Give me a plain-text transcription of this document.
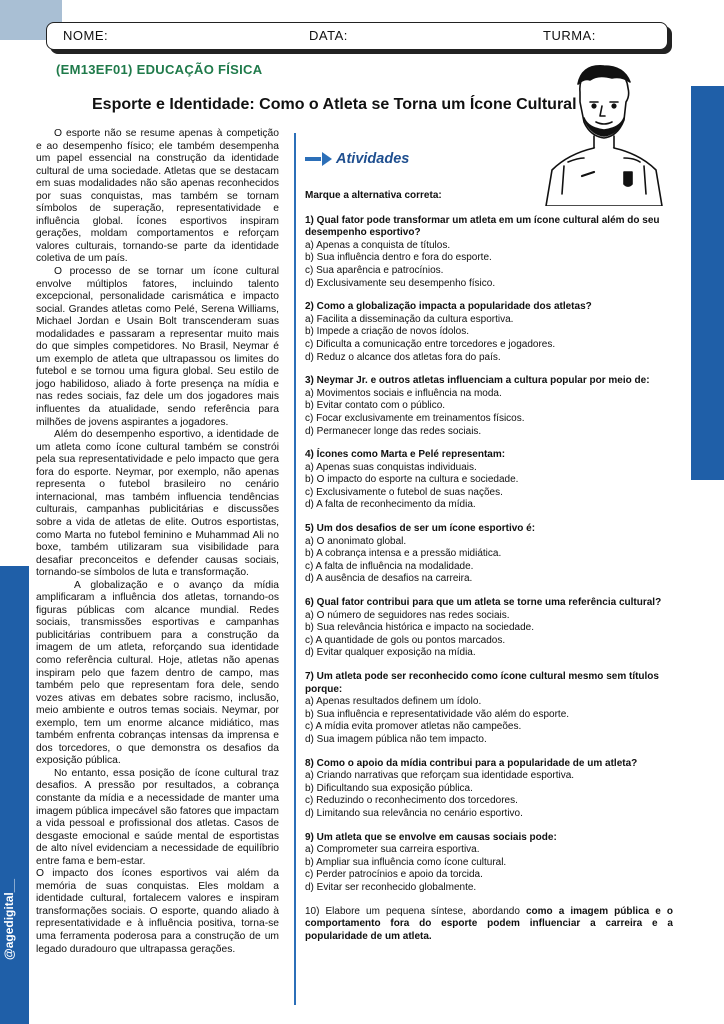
NOME:	DATA:	TURMA:
(EM13EF01) EDUCAÇÃO FÍSICA
Esporte e Identidade: Como o Atleta se Torna um Ícone Cultural

O esporte não se resume apenas à competição e ao desempenho físico; ele também desempenha um papel essencial na construção da identidade cultural de uma sociedade. Atletas que se destacam em suas modalidades não são apenas reconhecidos por suas conquistas, mas também se tornam símbolos de superação, representatividade e influência global. Ícones esportivos inspiram gerações, moldam comportamentos e reforçam valores culturais, tornando-se parte da identidade coletiva de um país.

O processo de se tornar um ícone cultural envolve múltiplos fatores, incluindo talento excepcional, personalidade carismática e impacto social. Grandes atletas como Pelé, Serena Williams, Michael Jordan e Usain Bolt transcenderam suas modalidades e passaram a representar muito mais do que simples competidores. No Brasil, Neymar é um exemplo de atleta que ultrapassou os limites do futebol e se tornou uma figura global. Seu estilo de jogo habilidoso, aliado à forte presença na mídia e nas redes sociais, faz dele um dos jogadores mais influentes da atualidade, sendo referência para milhões de jovens aspirantes a jogadores.

Além do desempenho esportivo, a identidade de um atleta como ícone cultural também se constrói pela sua representatividade e pelo impacto que gera fora do esporte. Neymar, por exemplo, não apenas representa o futebol brasileiro no cenário internacional, mas também influencia tendências culturais, campanhas publicitárias e discussões sobre a vida de atletas de elite. Outros esportistas, como Marta no futebol feminino e Muhammad Ali no boxe, também utilizaram sua visibilidade para desafiar preconceitos e defender causas sociais, tornando-se símbolos de luta e transformação.

A globalização e o avanço da mídia amplificaram a influência dos atletas, tornando-os figuras públicas com alcance mundial. Redes sociais, transmissões esportivas e campanhas publicitárias contribuem para a construção da imagem de um atleta, reforçando sua identidade como referência cultural. Hoje, atletas não apenas inspiram pelo que fazem dentro de campo, mas também pelo que representam fora dele, sendo vozes ativas em debates sobre racismo, inclusão, meio ambiente e outros temas sociais. Neymar, por exemplo, tem um enorme alcance midiático, mas também enfrenta cobranças intensas da imprensa e dos torcedores, o que demonstra os desafios da exposição pública.

No entanto, essa posição de ícone cultural traz desafios. A pressão por resultados, a cobrança constante da mídia e a necessidade de manter uma imagem pública impecável são fatores que impactam a vida pessoal e profissional dos atletas. Casos de desgaste emocional e saúde mental de esportistas de alto nível evidenciam a necessidade de equilíbrio entre fama e bem-estar.

O impacto dos ícones esportivos vai além da memória de suas conquistas. Eles moldam a identidade cultural, fortalecem valores e inspiram transformações sociais. O esporte, quando aliado à representatividade e à influência positiva, torna-se uma ferramenta poderosa para a construção de um legado duradouro que ultrapassa gerações.

Atividades
Marque a alternativa correta:
1) Qual fator pode transformar um atleta em um ícone cultural além do seu desempenho esportivo?
a) Apenas a conquista de títulos.
b) Sua influência dentro e fora do esporte.
c) Sua aparência e patrocínios.
d) Exclusivamente seu desempenho físico.
2) Como a globalização impacta a popularidade dos atletas?
a) Facilita a disseminação da cultura esportiva.
b) Impede a criação de novos ídolos.
c) Dificulta a comunicação entre torcedores e jogadores.
d) Reduz o alcance dos atletas fora do país.
3) Neymar Jr. e outros atletas influenciam a cultura popular por meio de:
a) Movimentos sociais e influência na moda.
b) Evitar contato com o público.
c) Focar exclusivamente em treinamentos físicos.
d) Permanecer longe das redes sociais.
4) Ícones como Marta e Pelé representam:
a) Apenas suas conquistas individuais.
b) O impacto do esporte na cultura e sociedade.
c) Exclusivamente o futebol de suas nações.
d) A falta de reconhecimento da mídia.
5) Um dos desafios de ser um ícone esportivo é:
a) O anonimato global.
b) A cobrança intensa e a pressão midiática.
c) A falta de influência na modalidade.
d) A ausência de desafios na carreira.
6) Qual fator contribui para que um atleta se torne uma referência cultural?
a) O número de seguidores nas redes sociais.
b) Sua relevância histórica e impacto na sociedade.
c) A quantidade de gols ou pontos marcados.
d) Evitar qualquer exposição na mídia.
7) Um atleta pode ser reconhecido como ícone cultural mesmo sem títulos porque:
a) Apenas resultados definem um ídolo.
b) Sua influência e representatividade vão além do esporte.
c) A mídia evita promover atletas não campeões.
d) Sua imagem pública não tem impacto.
8) Como o apoio da mídia contribui para a popularidade de um atleta?
a) Criando narrativas que reforçam sua identidade esportiva.
b) Dificultando sua exposição pública.
c) Reduzindo o reconhecimento dos torcedores.
d) Limitando sua relevância no cenário esportivo.
9) Um atleta que se envolve em causas sociais pode:
a) Comprometer sua carreira esportiva.
b) Ampliar sua influência como ícone cultural.
c) Perder patrocínios e apoio da torcida.
d) Evitar ser reconhecido globalmente.
10) Elabore um pequena síntese, abordando como a imagem pública e o comportamento fora do esporte podem influenciar a carreira e a popularidade de um atleta.
